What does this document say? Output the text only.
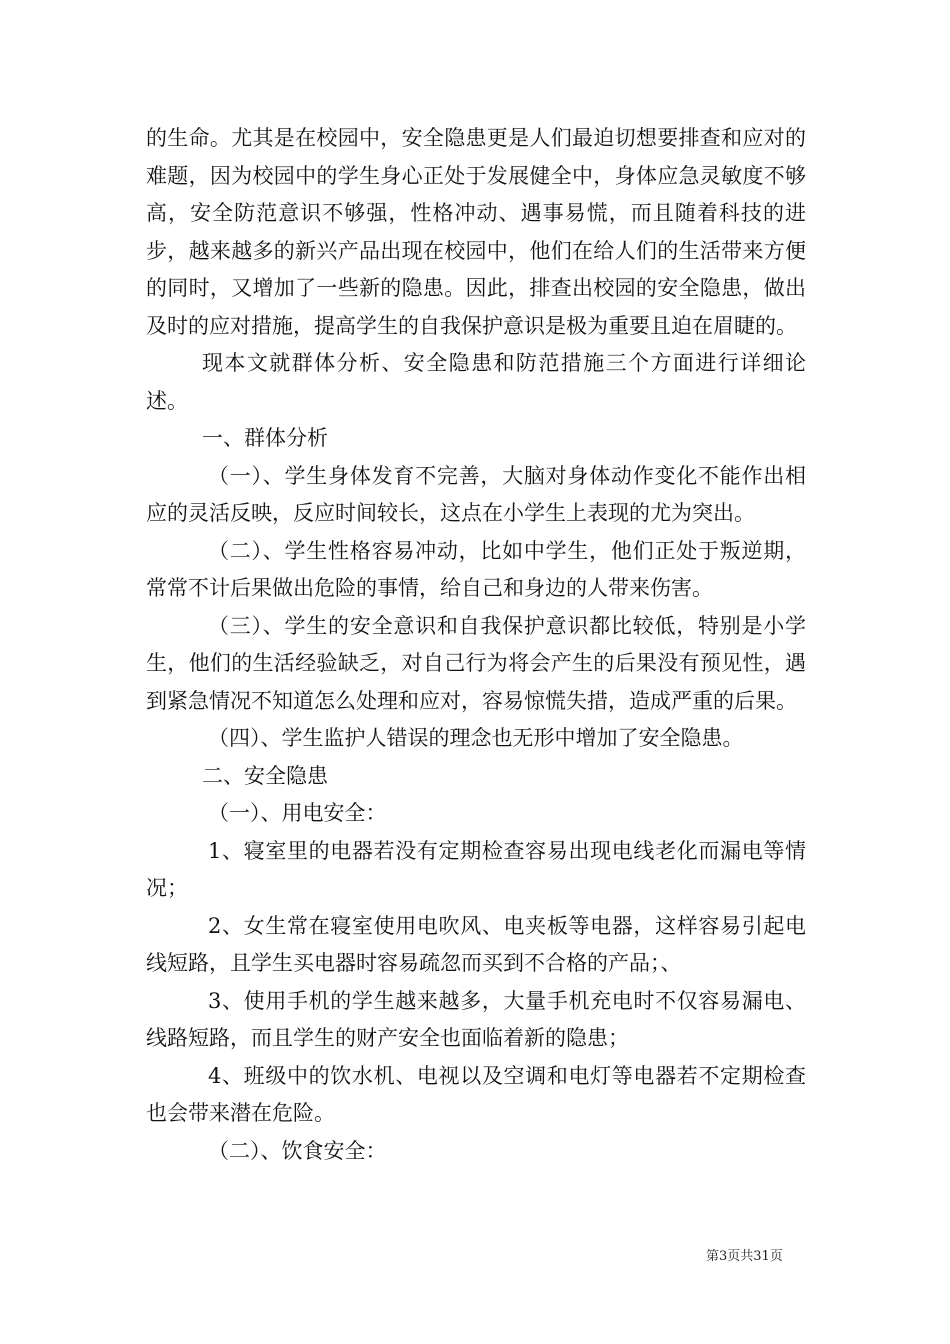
的生命。尤其是在校园中，安全隐患更是人们最迫切想要排查和应对的难题，因为校园中的学生身心正处于发展健全中，身体应急灵敏度不够高，安全防范意识不够强，性格冲动、遇事易慌，而且随着科技的进步，越来越多的新兴产品出现在校园中，他们在给人们的生活带来方便的同时，又增加了一些新的隐患。因此，排查出校园的安全隐患，做出及时的应对措施，提高学生的自我保护意识是极为重要且迫在眉睫的。

现本文就群体分析、安全隐患和防范措施三个方面进行详细论述。

一、群体分析

（一）、学生身体发育不完善，大脑对身体动作变化不能作出相应的灵活反映，反应时间较长，这点在小学生上表现的尤为突出。

（二）、学生性格容易冲动，比如中学生，他们正处于叛逆期，常常不计后果做出危险的事情，给自己和身边的人带来伤害。

（三）、学生的安全意识和自我保护意识都比较低，特别是小学生，他们的生活经验缺乏，对自己行为将会产生的后果没有预见性，遇到紧急情况不知道怎么处理和应对，容易惊慌失措，造成严重的后果。

（四）、学生监护人错误的理念也无形中增加了安全隐患。

二、安全隐患

（一）、用电安全：

1、寝室里的电器若没有定期检查容易出现电线老化而漏电等情况；

2、女生常在寝室使用电吹风、电夹板等电器，这样容易引起电线短路，且学生买电器时容易疏忽而买到不合格的产品；、

3、使用手机的学生越来越多，大量手机充电时不仅容易漏电、线路短路，而且学生的财产安全也面临着新的隐患；

4、班级中的饮水机、电视以及空调和电灯等电器若不定期检查也会带来潜在危险。

（二）、饮食安全：

第3页共31页
